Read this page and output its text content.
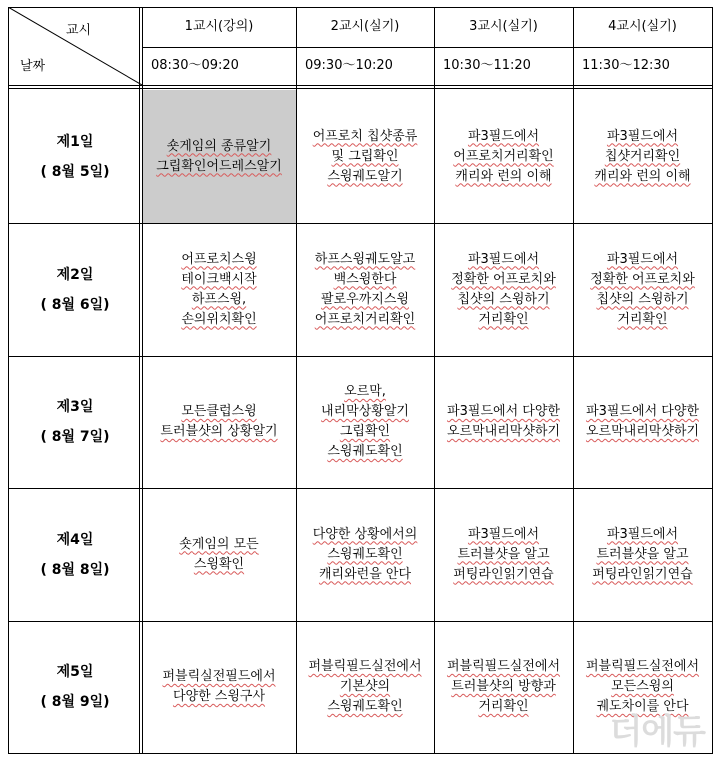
교시
날짜
1교시(강의)
08:30～09:20
2교시(실기)
09:30～10:20
3교시(실기)
10:30～11:20
4교시(실기)
11:30～12:30
제1일
( 8월 5일)
숏게임의 종류알기
그립확인어드레스알기
어프로치 칩샷종류
및 그립확인
스윙궤도알기
파3필드에서
어프로치거리확인
캐리와 런의 이해
파3필드에서
칩샷거리확인
캐리와 런의 이해
제2일
( 8월 6일)
어프로치스윙
테이크백시작
하프스윙,
손의위치확인
하프스윙궤도알고
백스윙한다
팔로우까지스윙
어프로치거리확인
파3필드에서
정확한 어프로치와
칩샷의 스윙하기
거리확인
파3필드에서
정확한 어프로치와
칩샷의 스윙하기
거리확인
제3일
( 8월 7일)
모든클럽스윙
트러블샷의 상황알기
오르막,
내리막상황알기
그립확인
스윙궤도확인
파3필드에서 다양한
오르막내리막샷하기
파3필드에서 다양한
오르막내리막샷하기
제4일
( 8월 8일)
숏게임의 모든
스윙확인
다양한 상황에서의
스윙궤도확인
캐리와런을 안다
파3필드에서
트러블샷을 알고
퍼팅라인읽기연습
파3필드에서
트러블샷을 알고
퍼팅라인읽기연습
제5일
( 8월 9일)
퍼블릭실전필드에서
다양한 스윙구사
퍼블릭필드실전에서
기본샷의
스윙궤도확인
퍼블릭필드실전에서
트러블샷의 방향과
거리확인
퍼블릭필드실전에서
모든스윙의
궤도차이를 안다
더에듀
